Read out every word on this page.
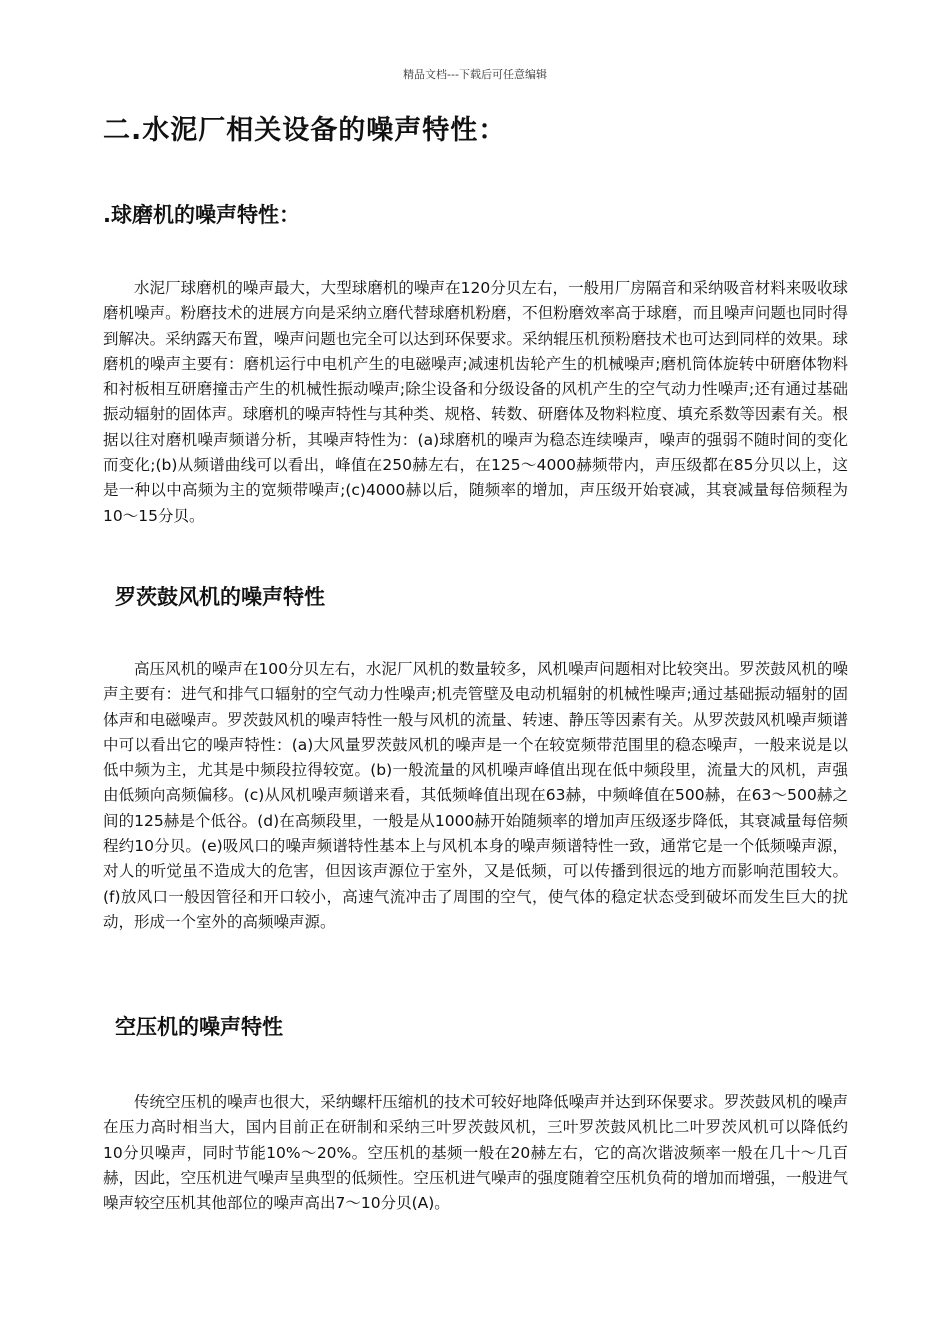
精品文档---下载后可任意编辑
二.水泥厂相关设备的噪声特性：
.球磨机的噪声特性：

水泥厂球磨机的噪声最大，大型球磨机的噪声在120分贝左右，一般用厂房隔音和采纳吸音材料来吸收球磨机噪声。粉磨技术的进展方向是采纳立磨代替球磨机粉磨，不但粉磨效率高于球磨，而且噪声问题也同时得到解决。采纳露天布置，噪声问题也完全可以达到环保要求。采纳辊压机预粉磨技术也可达到同样的效果。球磨机的噪声主要有：磨机运行中电机产生的电磁噪声;减速机齿轮产生的机械噪声;磨机筒体旋转中研磨体物料和衬板相互研磨撞击产生的机械性振动噪声;除尘设备和分级设备的风机产生的空气动力性噪声;还有通过基础振动辐射的固体声。球磨机的噪声特性与其种类、规格、转数、研磨体及物料粒度、填充系数等因素有关。根据以往对磨机噪声频谱分析，其噪声特性为：(a)球磨机的噪声为稳态连续噪声，噪声的强弱不随时间的变化而变化;(b)从频谱曲线可以看出，峰值在250赫左右，在125～4000赫频带内，声压级都在85分贝以上，这是一种以中高频为主的宽频带噪声;(c)4000赫以后，随频率的增加，声压级开始衰减，其衰减量每倍频程为10～15分贝。

罗茨鼓风机的噪声特性

高压风机的噪声在100分贝左右，水泥厂风机的数量较多，风机噪声问题相对比较突出。罗茨鼓风机的噪声主要有：进气和排气口辐射的空气动力性噪声;机壳管壁及电动机辐射的机械性噪声;通过基础振动辐射的固体声和电磁噪声。罗茨鼓风机的噪声特性一般与风机的流量、转速、静压等因素有关。从罗茨鼓风机噪声频谱中可以看出它的噪声特性：(a)大风量罗茨鼓风机的噪声是一个在较宽频带范围里的稳态噪声，一般来说是以低中频为主，尤其是中频段拉得较宽。(b)一般流量的风机噪声峰值出现在低中频段里，流量大的风机，声强由低频向高频偏移。(c)从风机噪声频谱来看，其低频峰值出现在63赫，中频峰值在500赫，在63～500赫之间的125赫是个低谷。(d)在高频段里，一般是从1000赫开始随频率的增加声压级逐步降低，其衰减量每倍频程约10分贝。(e)吸风口的噪声频谱特性基本上与风机本身的噪声频谱特性一致，通常它是一个低频噪声源，对人的听觉虽不造成大的危害，但因该声源位于室外，又是低频，可以传播到很远的地方而影响范围较大。(f)放风口一般因管径和开口较小，高速气流冲击了周围的空气，使气体的稳定状态受到破坏而发生巨大的扰动，形成一个室外的高频噪声源。

空压机的噪声特性

传统空压机的噪声也很大，采纳螺杆压缩机的技术可较好地降低噪声并达到环保要求。罗茨鼓风机的噪声在压力高时相当大，国内目前正在研制和采纳三叶罗茨鼓风机，三叶罗茨鼓风机比二叶罗茨风机可以降低约10分贝噪声，同时节能10%～20%。空压机的基频一般在20赫左右，它的高次谐波频率一般在几十～几百赫，因此，空压机进气噪声呈典型的低频性。空压机进气噪声的强度随着空压机负荷的增加而增强，一般进气噪声较空压机其他部位的噪声高出7～10分贝(A)。
